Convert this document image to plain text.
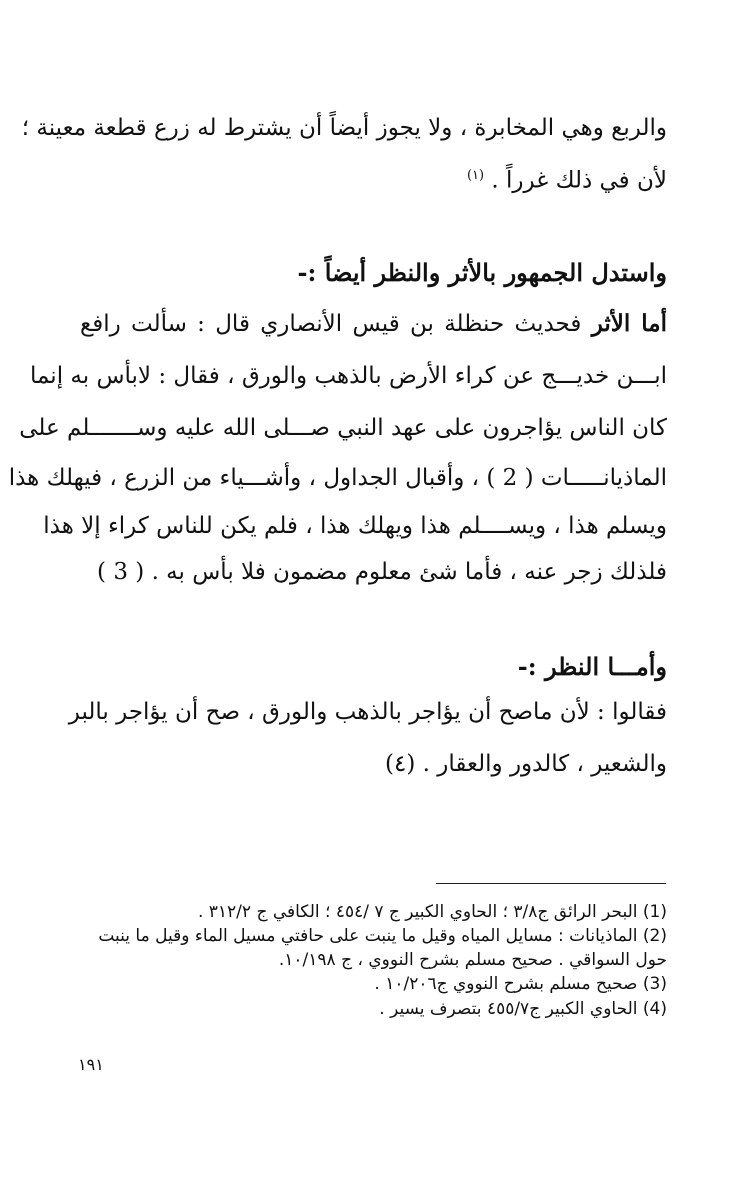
والربع وهي المخابرة ، ولا يجوز أيضاً أن يشترط له زرع قطعة معينة ؛
لأن في ذلك غرراً . $^{(١)}$
واستدل الجمهور بالأثر والنظر أيضاً :-
أما الأثر فحديث حنظلة بن قيس الأنصاري قال : سألت رافع
ابـــن خديـــج عن كراء الأرض بالذهب والورق ، فقال : لابأس به إنما
كان الناس يؤاجرون على عهد النبي صـــلى الله عليه وســـــــلم على
الماذيانـــــات ( 2 ) ، وأقبال الجداول ، وأشـــياء من الزرع ، فيهلك هذا
ويسلم هذا ، ويســــلم هذا ويهلك هذا ، فلم يكن للناس كراء إلا هذا
فلذلك زجر عنه ، فأما شئ معلوم مضمون فلا بأس به . ( 3 )
وأمـــا النظر :-
فقالوا : لأن ماصح أن يؤاجر بالذهب والورق ، صح أن يؤاجر بالبر
والشعير ، كالدور والعقار . (٤)
(1) البحر الرائق ج٣/٨ ؛ الحاوي الكبير ج ٧ /٤٥٤ ؛ الكافي ج ٣١٢/٢ .
(2) الماذيانات : مسايل المياه وقيل ما ينبت على حافتي مسيل الماء وقيل ما ينبت
حول السواقي . صحيح مسلم بشرح النووي ، ج ١٠/١٩٨.
(3) صحيح مسلم بشرح النووي ج١٠/٢٠٦ .
(4) الحاوي الكبير ج٤٥٥/٧ بتصرف يسير .
١٩١
